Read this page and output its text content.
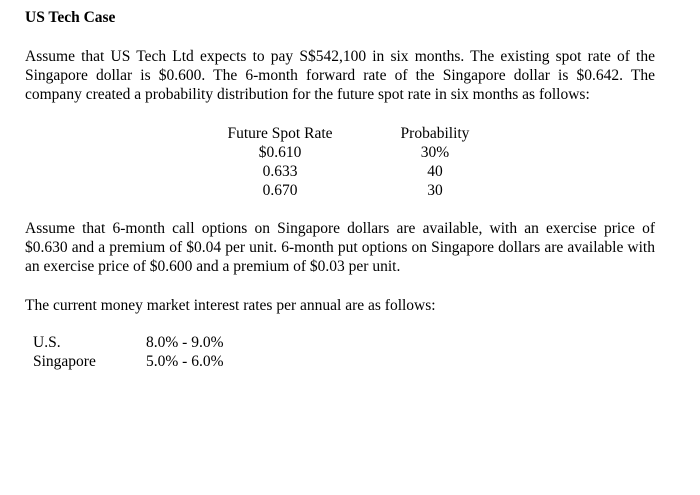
US Tech Case
Assume that US Tech Ltd expects to pay S$542,100 in six months. The existing spot rate of the Singapore dollar is $0.600. The 6-month forward rate of the Singapore dollar is $0.642. The company created a probability distribution for the future spot rate in six months as follows:
Future Spot Rate
$0.610
0.633
0.670
Probability
30%
40
30
Assume that 6-month call options on Singapore dollars are available, with an exercise price of $0.630 and a premium of $0.04 per unit. 6-month put options on Singapore dollars are available with an exercise price of $0.600 and a premium of $0.03 per unit.
The current money market interest rates per annual are as follows:
U.S.
Singapore
8.0% - 9.0%
5.0% - 6.0%
